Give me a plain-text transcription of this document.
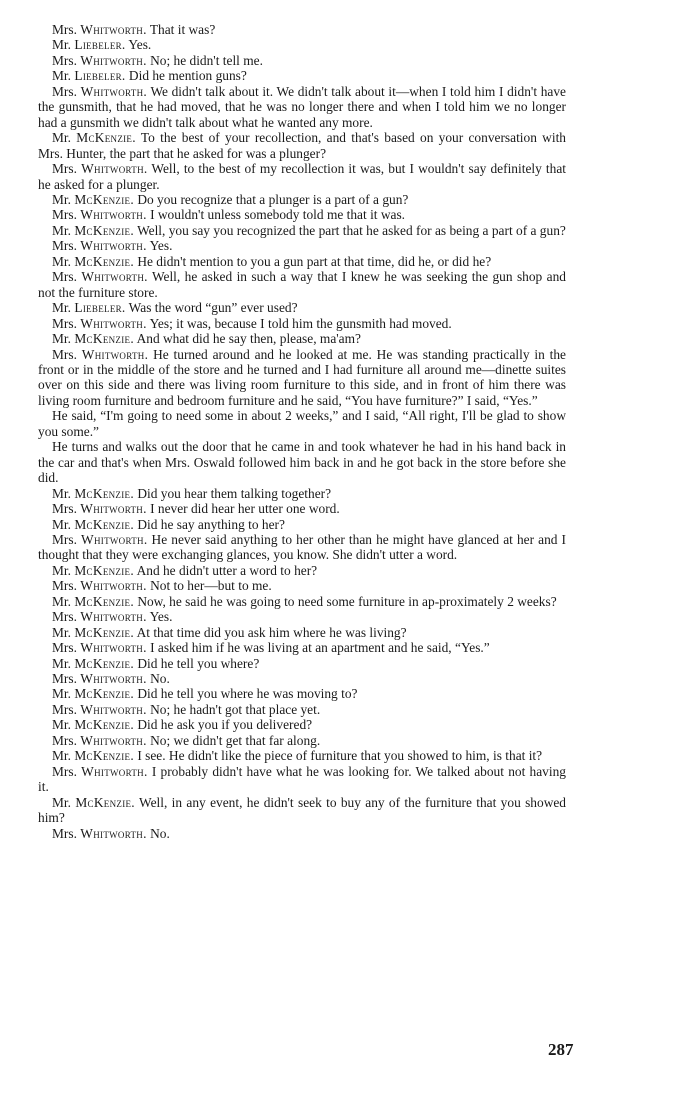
Mrs. Whitworth. That it was?

Mr. Liebeler. Yes.

Mrs. Whitworth. No; he didn't tell me.

Mr. Liebeler. Did he mention guns?

Mrs. Whitworth. We didn't talk about it. We didn't talk about it—when I told him I didn't have the gunsmith, that he had moved, that he was no longer there and when I told him we no longer had a gunsmith we didn't talk about what he wanted any more.

Mr. McKenzie. To the best of your recollection, and that's based on your conversation with Mrs. Hunter, the part that he asked for was a plunger?

Mrs. Whitworth. Well, to the best of my recollection it was, but I wouldn't say definitely that he asked for a plunger.

Mr. McKenzie. Do you recognize that a plunger is a part of a gun?

Mrs. Whitworth. I wouldn't unless somebody told me that it was.

Mr. McKenzie. Well, you say you recognized the part that he asked for as being a part of a gun?

Mrs. Whitworth. Yes.

Mr. McKenzie. He didn't mention to you a gun part at that time, did he, or did he?

Mrs. Whitworth. Well, he asked in such a way that I knew he was seeking the gun shop and not the furniture store.

Mr. Liebeler. Was the word “gun” ever used?

Mrs. Whitworth. Yes; it was, because I told him the gunsmith had moved.

Mr. McKenzie. And what did he say then, please, ma'am?

Mrs. Whitworth. He turned around and he looked at me. He was standing practically in the front or in the middle of the store and he turned and I had furniture all around me—dinette suites over on this side and there was living room furniture to this side, and in front of him there was living room furniture and bedroom furniture and he said, “You have furniture?” I said, “Yes.”

He said, “I'm going to need some in about 2 weeks,” and I said, “All right, I'll be glad to show you some.”

He turns and walks out the door that he came in and took whatever he had in his hand back in the car and that's when Mrs. Oswald followed him back in and he got back in the store before she did.

Mr. McKenzie. Did you hear them talking together?

Mrs. Whitworth. I never did hear her utter one word.

Mr. McKenzie. Did he say anything to her?

Mrs. Whitworth. He never said anything to her other than he might have glanced at her and I thought that they were exchanging glances, you know. She didn't utter a word.

Mr. McKenzie. And he didn't utter a word to her?

Mrs. Whitworth. Not to her—but to me.

Mr. McKenzie. Now, he said he was going to need some furniture in ap-proximately 2 weeks?

Mrs. Whitworth. Yes.

Mr. McKenzie. At that time did you ask him where he was living?

Mrs. Whitworth. I asked him if he was living at an apartment and he said, “Yes.”

Mr. McKenzie. Did he tell you where?

Mrs. Whitworth. No.

Mr. McKenzie. Did he tell you where he was moving to?

Mrs. Whitworth. No; he hadn't got that place yet.

Mr. McKenzie. Did he ask you if you delivered?

Mrs. Whitworth. No; we didn't get that far along.

Mr. McKenzie. I see. He didn't like the piece of furniture that you showed to him, is that it?

Mrs. Whitworth. I probably didn't have what he was looking for. We talked about not having it.

Mr. McKenzie. Well, in any event, he didn't seek to buy any of the furniture that you showed him?

Mrs. Whitworth. No.

287
